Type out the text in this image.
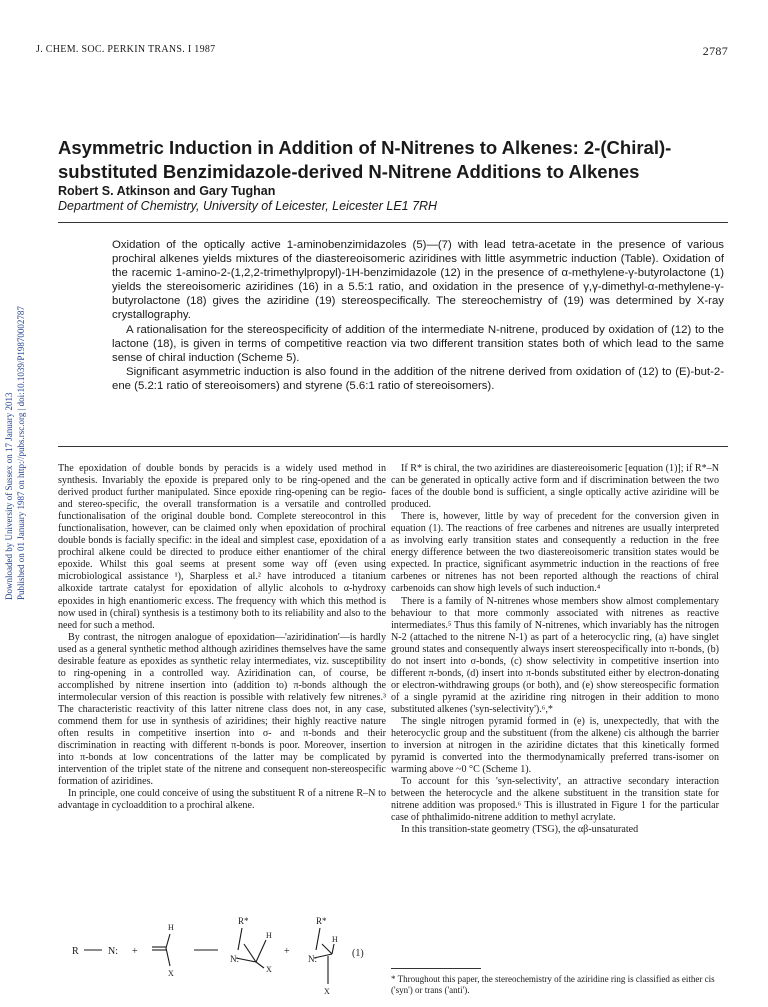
J. CHEM. SOC. PERKIN TRANS. I 1987	2787
Downloaded by University of Sussex on 17 January 2013 Published on 01 January 1987 on http://pubs.rsc.org | doi:10.1039/P19870002787
Asymmetric Induction in Addition of N-Nitrenes to Alkenes: 2-(Chiral)-substituted Benzimidazole-derived N-Nitrene Additions to Alkenes
Robert S. Atkinson and Gary Tughan
Department of Chemistry, University of Leicester, Leicester LE1 7RH

Oxidation of the optically active 1-aminobenzimidazoles (5)—(7) with lead tetra-acetate in the presence of various prochiral alkenes yields mixtures of the diastereoisomeric aziridines with little asymmetric induction (Table). Oxidation of the racemic 1-amino-2-(1,2,2-trimethylpropyl)-1H-benzimidazole (12) in the presence of α-methylene-γ-butyrolactone (1) yields the stereoisomeric aziridines (16) in a 5.5:1 ratio, and oxidation in the presence of γ,γ-dimethyl-α-methylene-γ-butyrolactone (18) gives the aziridine (19) stereospecifically. The stereochemistry of (19) was determined by X-ray crystallography.

A rationalisation for the stereospecificity of addition of the intermediate N-nitrene, produced by oxidation of (12) to the lactone (18), is given in terms of competitive reaction via two different transition states both of which lead to the same sense of chiral induction (Scheme 5).

Significant asymmetric induction is also found in the addition of the nitrene derived from oxidation of (12) to (E)-but-2-ene (5.2:1 ratio of stereoisomers) and styrene (5.6:1 ratio of stereoisomers).

The epoxidation of double bonds by peracids is a widely used method in synthesis. Invariably the epoxide is prepared only to be ring-opened and the derived product further manipulated. Since epoxide ring-opening can be regio- and stereo-specific, the overall transformation is a versatile and controlled functionalisation of the original double bond. Complete stereocontrol in this functionalisation, however, can be claimed only when epoxidation of prochiral double bonds is facially specific: in the ideal and simplest case, epoxidation of a prochiral alkene could be directed to produce either enantiomer of the chiral epoxide. Whilst this goal seems at present some way off (even using microbiological assistance ¹), Sharpless et al.² have introduced a titanium alkoxide tartrate catalyst for epoxidation of allylic alcohols to α-hydroxy epoxides in high enantiomeric excess. The frequency with which this method is now used in (chiral) synthesis is a testimony both to its reliability and also to the need for such a method.

By contrast, the nitrogen analogue of epoxidation—'aziridination'—is hardly used as a general synthetic method although aziridines themselves have the same desirable feature as epoxides as synthetic relay intermediates, viz. susceptibility to ring-opening in a controlled way. Aziridination can, of course, be accomplished by nitrene insertion into (addition to) π-bonds although the intermolecular version of this reaction is possible with relatively few nitrenes.³ The characteristic reactivity of this latter nitrene class does not, in any case, commend them for use in synthesis of aziridines; their highly reactive nature often results in competitive insertion into σ- and π-bonds and their discrimination in reacting with different π-bonds is poor. Moreover, insertion into π-bonds at low concentrations of the latter may be complicated by intervention of the triplet state of the nitrene and consequent non-stereospecific formation of aziridines.

In principle, one could conceive of using the substituent R of a nitrene R–N to advantage in cycloaddition to a prochiral alkene.

R	N: +
H
X
R*
N:
H
X
+
R*
N:
H
X
(1)

If R* is chiral, the two aziridines are diastereoisomeric [equation (1)]; if R*–N can be generated in optically active form and if discrimination between the two faces of the double bond is sufficient, a single optically active aziridine will be produced.

There is, however, little by way of precedent for the conversion given in equation (1). The reactions of free carbenes and nitrenes are usually interpreted as involving early transition states and consequently a reduction in the free energy difference between the two diastereoisomeric transition states would be expected. In practice, significant asymmetric induction in the reactions of free carbenes or nitrenes has not been reported although the reactions of chiral carbenoids can show high levels of such induction.⁴

There is a family of N-nitrenes whose members show almost complementary behaviour to that more commonly associated with nitrenes as reactive intermediates.⁵ Thus this family of N-nitrenes, which invariably has the nitrogen N-2 (attached to the nitrene N-1) as part of a heterocyclic ring, (a) have singlet ground states and consequently always insert stereospecifically into π-bonds, (b) do not insert into σ-bonds, (c) show selectivity in competitive insertion into different π-bonds, (d) insert into π-bonds substituted either by electron-donating or electron-withdrawing groups (or both), and (e) show stereospecific formation of a single pyramid at the aziridine ring nitrogen in their addition to mono substituted alkenes ('syn-selectivity').⁶,*

The single nitrogen pyramid formed in (e) is, unexpectedly, that with the heterocyclic group and the substituent (from the alkene) cis although the barrier to inversion at nitrogen in the aziridine dictates that this kinetically formed pyramid is converted into the thermodynamically preferred trans-isomer on warming above ~0 °C (Scheme 1).

To account for this 'syn-selectivity', an attractive secondary interaction between the heterocycle and the alkene substituent in the transition state for nitrene addition was proposed.⁶ This is illustrated in Figure 1 for the particular case of phthalimido-nitrene addition to methyl acrylate.

In this transition-state geometry (TSG), the αβ-unsaturated

* Throughout this paper, the stereochemistry of the aziridine ring is classified as either cis ('syn') or trans ('anti').
